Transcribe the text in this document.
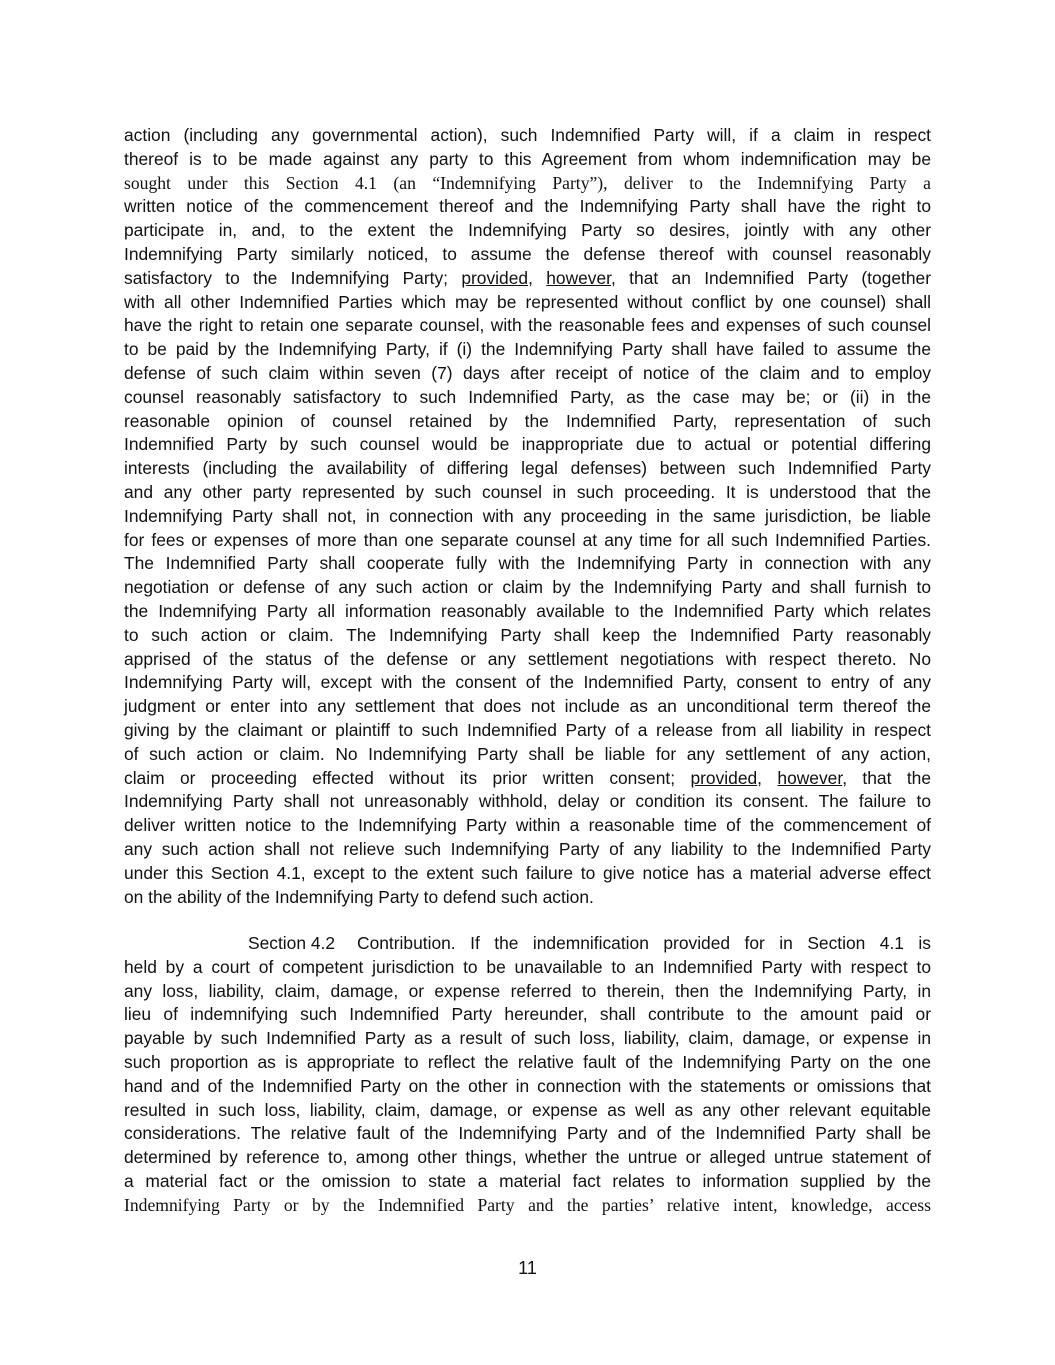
action (including any governmental action), such Indemnified Party will, if a claim in respect
thereof is to be made against any party to this Agreement from whom indemnification may be
sought under this Section 4.1 (an “Indemnifying Party”), deliver to the Indemnifying Party a
written notice of the commencement thereof and the Indemnifying Party shall have the right to
participate in, and, to the extent the Indemnifying Party so desires, jointly with any other
Indemnifying Party similarly noticed, to assume the defense thereof with counsel reasonably
satisfactory to the Indemnifying Party; provided, however, that an Indemnified Party (together
with all other Indemnified Parties which may be represented without conflict by one counsel) shall
have the right to retain one separate counsel, with the reasonable fees and expenses of such counsel
to be paid by the Indemnifying Party, if (i) the Indemnifying Party shall have failed to assume the
defense of such claim within seven (7) days after receipt of notice of the claim and to employ
counsel reasonably satisfactory to such Indemnified Party, as the case may be; or (ii) in the
reasonable opinion of counsel retained by the Indemnified Party, representation of such
Indemnified Party by such counsel would be inappropriate due to actual or potential differing
interests (including the availability of differing legal defenses) between such Indemnified Party
and any other party represented by such counsel in such proceeding. It is understood that the
Indemnifying Party shall not, in connection with any proceeding in the same jurisdiction, be liable
for fees or expenses of more than one separate counsel at any time for all such Indemnified Parties.
The Indemnified Party shall cooperate fully with the Indemnifying Party in connection with any
negotiation or defense of any such action or claim by the Indemnifying Party and shall furnish to
the Indemnifying Party all information reasonably available to the Indemnified Party which relates
to such action or claim. The Indemnifying Party shall keep the Indemnified Party reasonably
apprised of the status of the defense or any settlement negotiations with respect thereto. No
Indemnifying Party will, except with the consent of the Indemnified Party, consent to entry of any
judgment or enter into any settlement that does not include as an unconditional term thereof the
giving by the claimant or plaintiff to such Indemnified Party of a release from all liability in respect
of such action or claim. No Indemnifying Party shall be liable for any settlement of any action,
claim or proceeding effected without its prior written consent; provided, however, that the
Indemnifying Party shall not unreasonably withhold, delay or condition its consent. The failure to
deliver written notice to the Indemnifying Party within a reasonable time of the commencement of
any such action shall not relieve such Indemnifying Party of any liability to the Indemnified Party
under this Section 4.1, except to the extent such failure to give notice has a material adverse effect
on the ability of the Indemnifying Party to defend such action.
Section 4.2 Contribution. If the indemnification provided for in Section 4.1 is
held by a court of competent jurisdiction to be unavailable to an Indemnified Party with respect to
any loss, liability, claim, damage, or expense referred to therein, then the Indemnifying Party, in
lieu of indemnifying such Indemnified Party hereunder, shall contribute to the amount paid or
payable by such Indemnified Party as a result of such loss, liability, claim, damage, or expense in
such proportion as is appropriate to reflect the relative fault of the Indemnifying Party on the one
hand and of the Indemnified Party on the other in connection with the statements or omissions that
resulted in such loss, liability, claim, damage, or expense as well as any other relevant equitable
considerations. The relative fault of the Indemnifying Party and of the Indemnified Party shall be
determined by reference to, among other things, whether the untrue or alleged untrue statement of
a material fact or the omission to state a material fact relates to information supplied by the
Indemnifying Party or by the Indemnified Party and the parties’ relative intent, knowledge, access
11
